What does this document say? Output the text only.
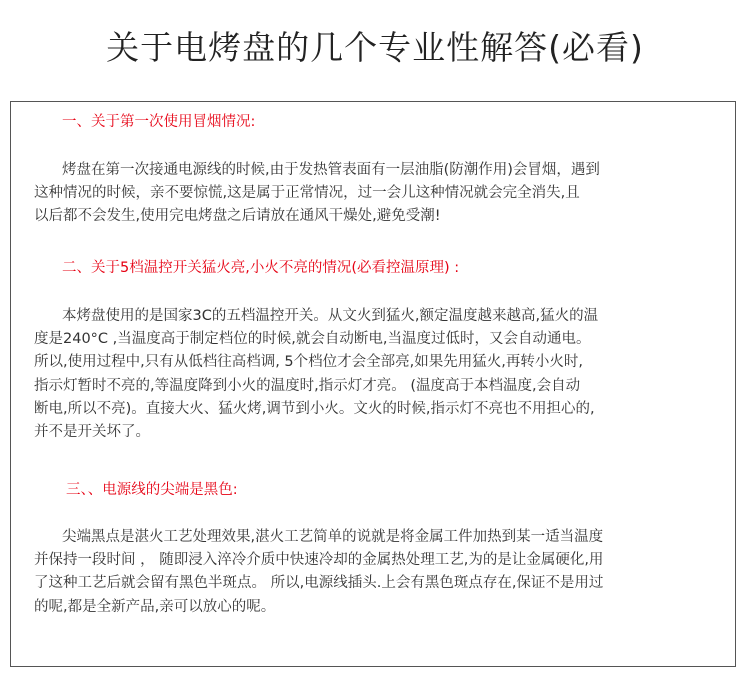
关于电烤盘的几个专业性解答(必看)
一、关于第一次使用冒烟情况:

烤盘在第一次接通电源线的时候,由于发热管表面有一层油脂(防潮作用)会冒烟，遇到
这种情况的时候，亲不要惊慌,这是属于正常情况，过一会儿这种情况就会完全消失,且
以后都不会发生,使用完电烤盘之后请放在通风干燥处,避免受潮!

二、关于5档温控开关猛火亮,小火不亮的情况(必看控温原理) :

本烤盘使用的是国家3C的五档温控开关。从文火到猛火,额定温度越来越高,猛火的温
度是240°C ,当温度高于制定档位的时候,就会自动断电,当温度过低时，又会自动通电。
所以,使用过程中,只有从低档往高档调, 5个档位才会全部亮,如果先用猛火,再转小火时,
指示灯暂时不亮的,等温度降到小火的温度时,指示灯才亮。 (温度高于本档温度,会自动
断电,所以不亮)。直接大火、猛火烤,调节到小火。文火的时候,指示灯不亮也不用担心的,
并不是开关坏了。

三、、电源线的尖端是黑色:

尖端黑点是湛火工艺处理效果,湛火工艺简单的说就是将金属工件加热到某一适当温度
并保持一段时间 ， 随即浸入淬冷介质中快速冷却的金属热处理工艺,为的是让金属硬化,用
了这种工艺后就会留有黑色半斑点。 所以,电源线插头.上会有黑色斑点存在,保证不是用过
的呢,都是全新产品,亲可以放心的呢。
